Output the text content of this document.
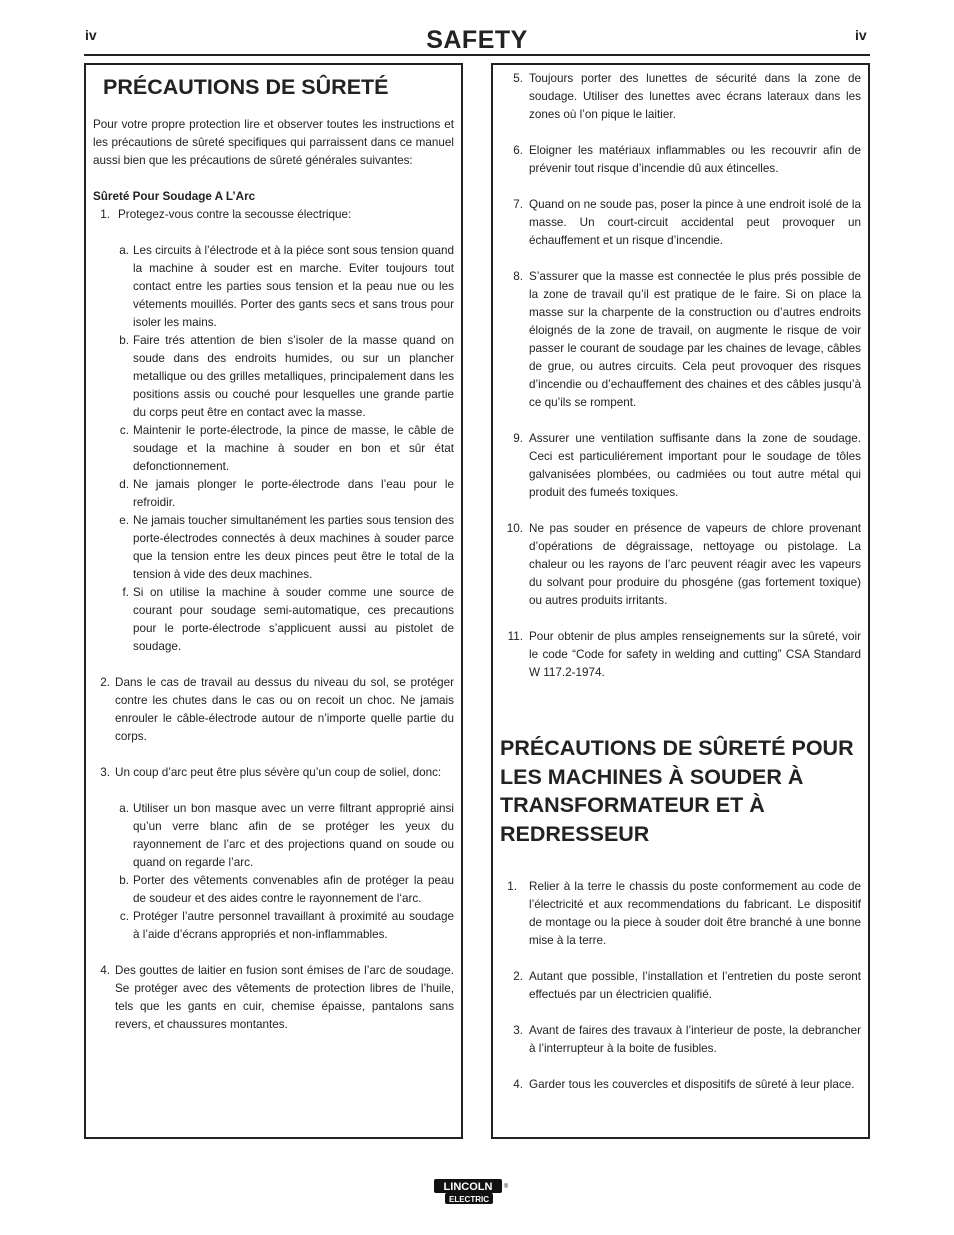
iv	SAFETY	iv
PRÉCAUTIONS DE SÛRETÉ
Pour votre propre protection lire et observer toutes les instructions et les précautions de sûreté specifiques qui parraissent dans ce manuel aussi bien que les précautions de sûreté générales suivantes:
Sûreté Pour Soudage A L’Arc
1. Protegez-vous contre la secousse électrique:
a. Les circuits à l’électrode et à la piéce sont sous tension quand la machine à souder est en marche. Eviter toujours tout contact entre les parties sous tension et la peau nue ou les vétements mouillés. Porter des gants secs et sans trous pour isoler les mains.
b. Faire trés attention de bien s’isoler de la masse quand on soude dans des endroits humides, ou sur un plancher metallique ou des grilles metalliques, principalement dans les positions assis ou couché pour lesquelles une grande partie du corps peut être en contact avec la masse.
c. Maintenir le porte-électrode, la pince de masse, le câble de soudage et la machine à souder en bon et sûr état defonctionnement.
d. Ne jamais plonger le porte-électrode dans l’eau pour le refroidir.
e. Ne jamais toucher simultanément les parties sous tension des porte-électrodes connectés à deux machines à souder parce que la tension entre les deux pinces peut être le total de la tension à vide des deux machines.
f. Si on utilise la machine à souder comme une source de courant pour soudage semi-automatique, ces precautions pour le porte-électrode s’applicuent aussi au pistolet de soudage.
2. Dans le cas de travail au dessus du niveau du sol, se protéger contre les chutes dans le cas ou on recoit un choc. Ne jamais enrouler le câble-électrode autour de n’importe quelle partie du corps.
3. Un coup d’arc peut être plus sévère qu’un coup de soliel, donc:
a. Utiliser un bon masque avec un verre filtrant approprié ainsi qu’un verre blanc afin de se protéger les yeux du rayonnement de l’arc et des projections quand on soude ou quand on regarde l’arc.
b. Porter des vêtements convenables afin de protéger la peau de soudeur et des aides contre le rayonnement de l‘arc.
c. Protéger l’autre personnel travaillant à proximité au soudage à l’aide d’écrans appropriés et non-inflammables.
4. Des gouttes de laitier en fusion sont émises de l’arc de soudage. Se protéger avec des vêtements de protection libres de l’huile, tels que les gants en cuir, chemise épaisse, pantalons sans revers, et chaussures montantes.
5. Toujours porter des lunettes de sécurité dans la zone de soudage. Utiliser des lunettes avec écrans lateraux dans les zones où l’on pique le laitier.
6. Eloigner les matériaux inflammables ou les recouvrir afin de prévenir tout risque d’incendie dû aux étincelles.
7. Quand on ne soude pas, poser la pince à une endroit isolé de la masse. Un court-circuit accidental peut provoquer un échauffement et un risque d’incendie.
8. S’assurer que la masse est connectée le plus prés possible de la zone de travail qu’il est pratique de le faire. Si on place la masse sur la charpente de la construction ou d’autres endroits éloignés de la zone de travail, on augmente le risque de voir passer le courant de soudage par les chaines de levage, câbles de grue, ou autres circuits. Cela peut provoquer des risques d’incendie ou d’echauffement des chaines et des câbles jusqu’à ce qu’ils se rompent.
9. Assurer une ventilation suffisante dans la zone de soudage. Ceci est particuliérement important pour le soudage de tôles galvanisées plombées, ou cadmiées ou tout autre métal qui produit des fumeés toxiques.
10. Ne pas souder en présence de vapeurs de chlore provenant d’opérations de dégraissage, nettoyage ou pistolage. La chaleur ou les rayons de l’arc peuvent réagir avec les vapeurs du solvant pour produire du phosgéne (gas fortement toxique) ou autres produits irritants.
11. Pour obtenir de plus amples renseignements sur la sûreté, voir le code “Code for safety in welding and cutting” CSA Standard W 117.2-1974.
PRÉCAUTIONS DE SÛRETÉ POUR LES MACHINES À SOUDER À TRANSFORMATEUR ET À REDRESSEUR
1.	Relier à la terre le chassis du poste conformement au code de l’électricité et aux recommendations du fabricant. Le dispositif de montage ou la piece à souder doit être branché à une bonne mise à la terre.
2. Autant que possible, l’installation et l’entretien du poste seront effectués par un électricien qualifié.
3. Avant de faires des travaux à l’interieur de poste, la debrancher à l’interrupteur à la boite de fusibles.
4. Garder tous les couvercles et dispositifs de sûreté à leur place.
LINCOLN ®
ELECTRIC
